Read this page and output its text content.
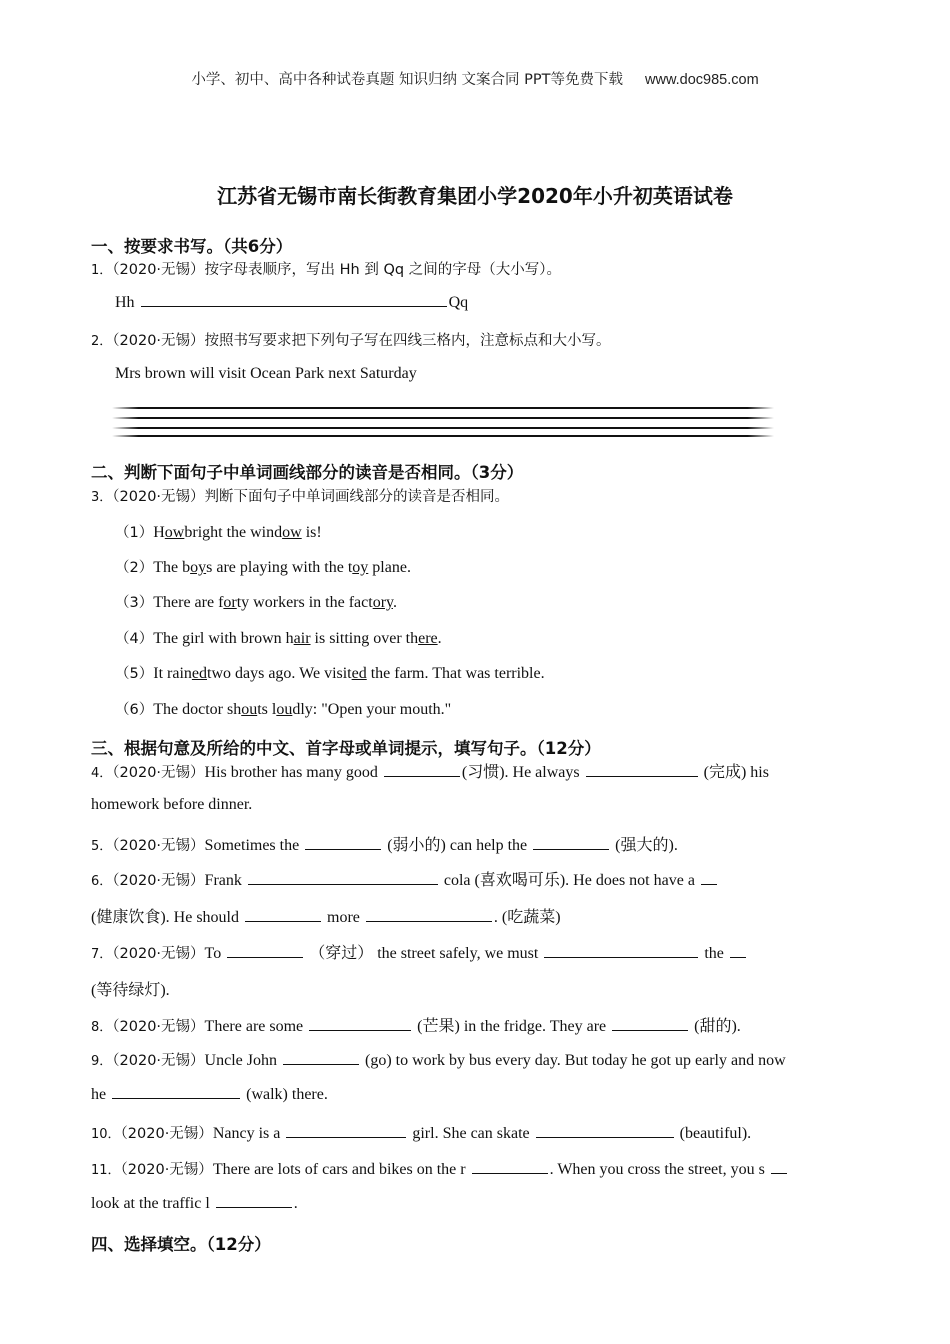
小学、初中、高中各种试卷真题 知识归纳 文案合同 PPT等免费下载 www.doc985.com
江苏省无锡市南长街教育集团小学2020年小升初英语试卷
一、按要求书写。（共6分）
1．（2020·无锡）按字母表顺序，写出 Hh 到 Qq 之间的字母（大小写）。
Hh	Qq
2．（2020·无锡）按照书写要求把下列句子写在四线三格内，注意标点和大小写。
Mrs brown will visit Ocean Park next Saturday
二、判断下面句子中单词画线部分的读音是否相同。（3分）
3．（2020·无锡）判断下面句子中单词画线部分的读音是否相同。
（1）Howbright the window is!
（2）The boys are playing with the toy plane.
（3）There are forty workers in the factory.
（4）The girl with brown hair is sitting over there.
（5）It rainedtwo days ago. We visited the farm. That was terrible.
（6）The doctor shouts loudly: "Open your mouth."
三、根据句意及所给的中文、首字母或单词提示，填写句子。（12分）
4．（2020·无锡）His brother has many good	(习惯). He always	(完成) his
homework before dinner.
5．（2020·无锡）Sometimes the	(弱小的) can help the	(强大的).
6．（2020·无锡）Frank	cola (喜欢喝可乐). He does not have a
(健康饮食). He should	more	. (吃蔬菜)
7．（2020·无锡）To	（穿过） the street safely, we must	the
(等待绿灯).
8．（2020·无锡）There are some	(芒果) in the fridge. They are	(甜的).
9．（2020·无锡）Uncle John	(go) to work by bus every day. But today he got up early and now
he	(walk) there.
10．（2020·无锡）Nancy is a	girl. She can skate	(beautiful).
11．（2020·无锡）There are lots of cars and bikes on the r	. When you cross the street, you s
look at the traffic l	.
四、选择填空。（12分）
